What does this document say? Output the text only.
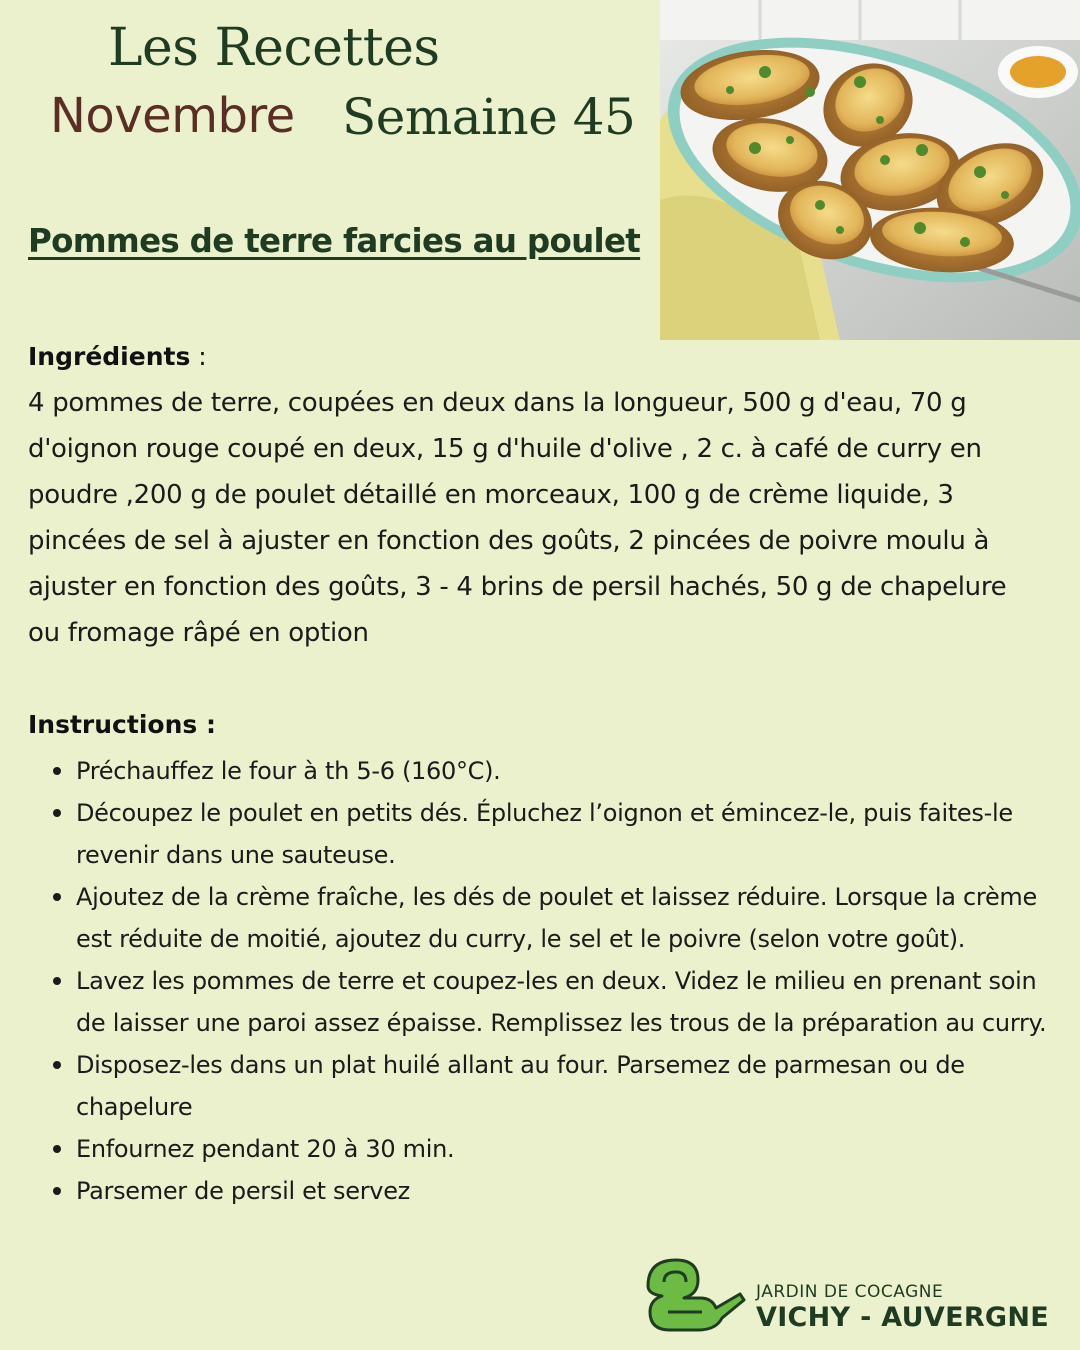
Les Recettes
Novembre Semaine 45
Pommes de terre farcies au poulet
Ingrédients :
4 pommes de terre, coupées en deux dans la longueur, 500 g d'eau, 70 g
d'oignon rouge coupé en deux, 15 g d'huile d'olive , 2 c. à café de curry en
poudre ,200 g de poulet détaillé en morceaux, 100 g de crème liquide, 3
pincées de sel à ajuster en fonction des goûts, 2 pincées de poivre moulu à
ajuster en fonction des goûts, 3 - 4 brins de persil hachés, 50 g de chapelure
ou fromage râpé en option
Instructions :
Préchauffez le four à th 5-6 (160°C).
Découpez le poulet en petits dés. Épluchez l’oignon et émincez-le, puis faites-le revenir dans une sauteuse.
Ajoutez de la crème fraîche, les dés de poulet et laissez réduire. Lorsque la crème est réduite de moitié, ajoutez du curry, le sel et le poivre (selon votre goût).
Lavez les pommes de terre et coupez-les en deux. Videz le milieu en prenant soin de laisser une paroi assez épaisse. Remplissez les trous de la préparation au curry.
Disposez-les dans un plat huilé allant au four. Parsemez de parmesan ou de chapelure
Enfournez pendant 20 à 30 min.
Parsemer de persil et servez
JARDIN DE COCAGNE
VICHY - AUVERGNE
